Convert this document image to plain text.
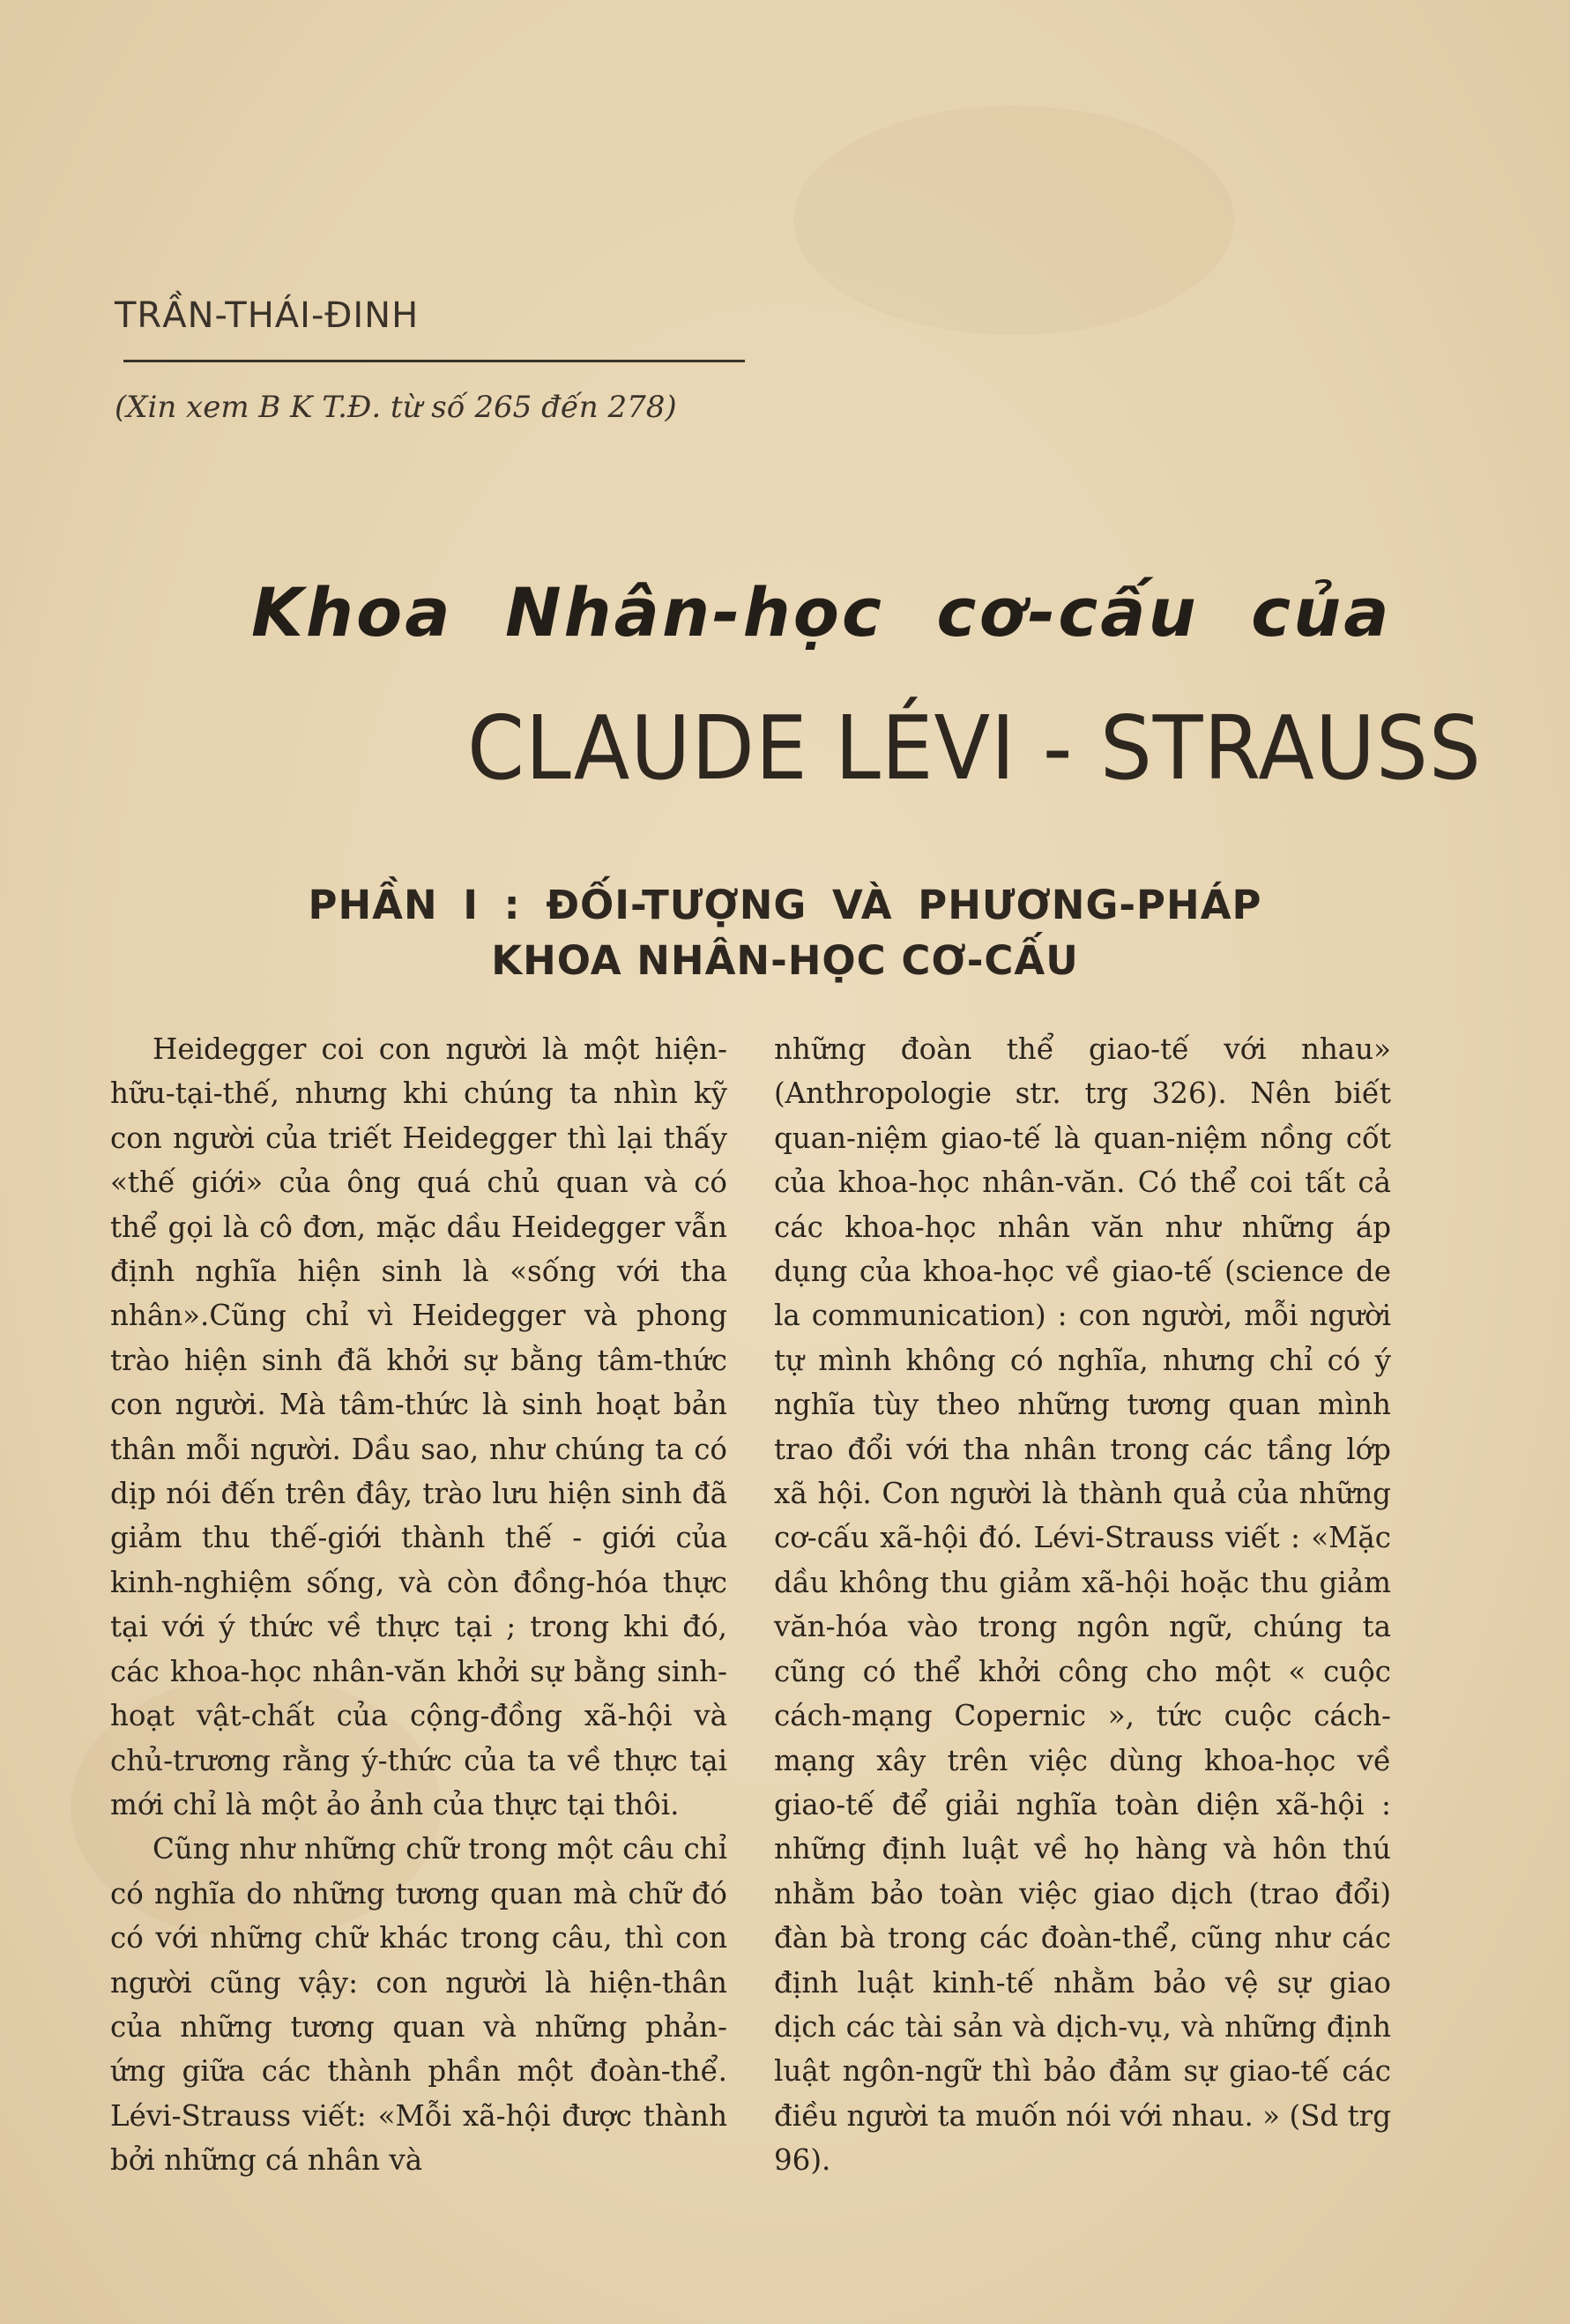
TRẦN-THÁI-ĐINH
(Xin xem B K T.Đ. từ số 265 đến 278)
Khoa Nhân-học cơ-cấu của
CLAUDE LÉVI - STRAUSS
PHẦN I : ĐỐI-TƯỢNG VÀ PHƯƠNG-PHÁP
KHOA NHÂN-HỌC CƠ-CẤU

Heidegger coi con người là một hiện-hữu-tại-thế, nhưng khi chúng ta nhìn kỹ con người của triết Heidegger thì lại thấy «thế giới» của ông quá chủ quan và có thể gọi là cô đơn, mặc dầu Heidegger vẫn định nghĩa hiện sinh là «sống với tha nhân».Cũng chỉ vì Heidegger và phong trào hiện sinh đã khởi sự bằng tâm-thức con người. Mà tâm-thức là sinh hoạt bản thân mỗi người. Dầu sao, như chúng ta có dịp nói đến trên đây, trào lưu hiện sinh đã giảm thu thế-giới thành thế - giới của kinh-nghiệm sống, và còn đồng-hóa thực tại với ý thức về thực tại ; trong khi đó, các khoa-học nhân-văn khởi sự bằng sinh-hoạt vật-chất của cộng-đồng xã-hội và chủ-trương rằng ý-thức của ta về thực tại mới chỉ là một ảo ảnh của thực tại thôi.

Cũng như những chữ trong một câu chỉ có nghĩa do những tương quan mà chữ đó có với những chữ khác trong câu, thì con người cũng vậy: con người là hiện-thân của những tương quan và những phản-ứng giữa các thành phần một đoàn-thể. Lévi-Strauss viết: «Mỗi xã-hội được thành bởi những cá nhân và

những đoàn thể giao-tế với nhau» (Anthropologie str. trg 326). Nên biết quan-niệm giao-tế là quan-niệm nồng cốt của khoa-học nhân-văn. Có thể coi tất cả các khoa-học nhân văn như những áp dụng của khoa-học về giao-tế (science de la communication) : con người, mỗi người tự mình không có nghĩa, nhưng chỉ có ý nghĩa tùy theo những tương quan mình trao đổi với tha nhân trong các tầng lớp xã hội. Con người là thành quả của những cơ-cấu xã-hội đó. Lévi-Strauss viết : «Mặc dầu không thu giảm xã-hội hoặc thu giảm văn-hóa vào trong ngôn ngữ, chúng ta cũng có thể khởi công cho một « cuộc cách-mạng Copernic », tức cuộc cách-mạng xây trên việc dùng khoa-học về giao-tế để giải nghĩa toàn diện xã-hội : những định luật về họ hàng và hôn thú nhằm bảo toàn việc giao dịch (trao đổi) đàn bà trong các đoàn-thể, cũng như các định luật kinh-tế nhằm bảo vệ sự giao dịch các tài sản và dịch-vụ, và những định luật ngôn-ngữ thì bảo đảm sự giao-tế các điều người ta muốn nói với nhau. » (Sd trg 96).
